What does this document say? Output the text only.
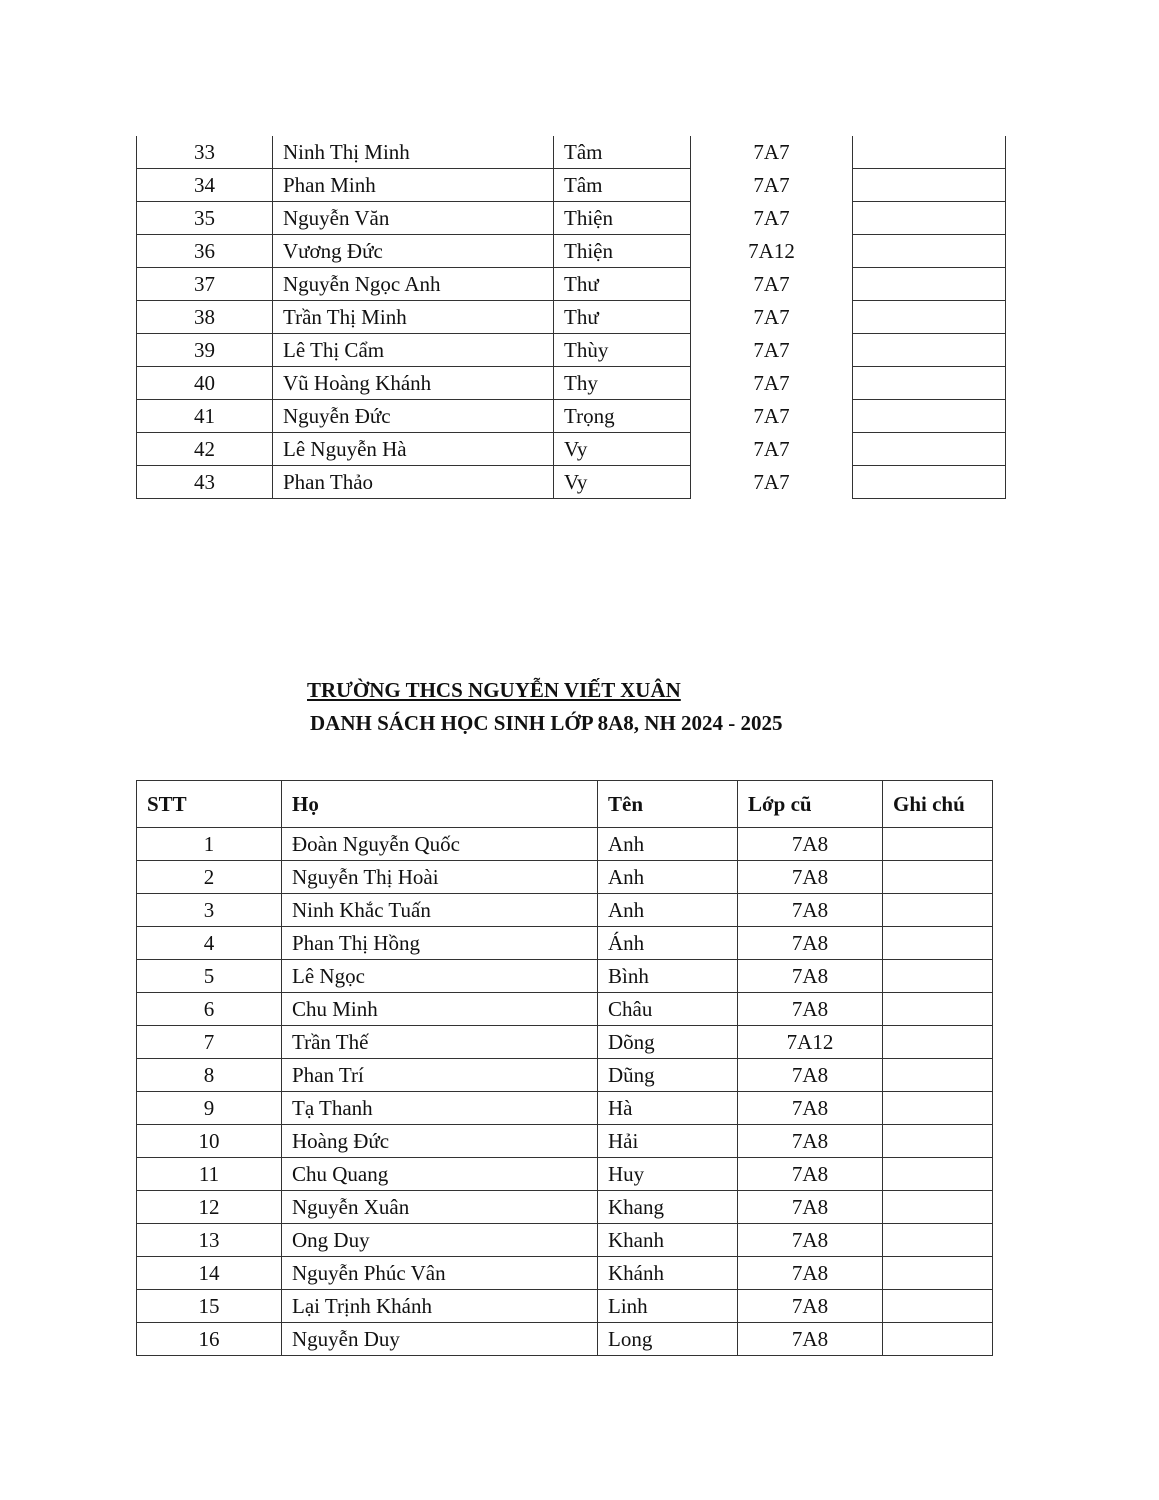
33	Ninh Thị Minh	Tâm	7A7	
34	Phan Minh	Tâm	7A7	
35	Nguyễn Văn	Thiện	7A7	
36	Vương Đức	Thiện	7A12	
37	Nguyễn Ngọc Anh	Thư	7A7	
38	Trần Thị Minh	Thư	7A7	
39	Lê Thị Cẩm	Thùy	7A7	
40	Vũ Hoàng Khánh	Thy	7A7	
41	Nguyễn Đức	Trọng	7A7	
42	Lê Nguyễn Hà	Vy	7A7	
43	Phan Thảo	Vy	7A7	
TRƯỜNG THCS NGUYỄN VIẾT XUÂN
DANH SÁCH HỌC SINH LỚP 8A8, NH 2024 - 2025
STT	Họ	Tên	Lớp cũ	Ghi chú
1	Đoàn Nguyễn Quốc	Anh	7A8	
2	Nguyễn Thị Hoài	Anh	7A8	
3	Ninh Khắc Tuấn	Anh	7A8	
4	Phan Thị Hồng	Ánh	7A8	
5	Lê Ngọc	Bình	7A8	
6	Chu Minh	Châu	7A8	
7	Trần Thế	Dõng	7A12	
8	Phan Trí	Dũng	7A8	
9	Tạ Thanh	Hà	7A8	
10	Hoàng Đức	Hải	7A8	
11	Chu Quang	Huy	7A8	
12	Nguyễn Xuân	Khang	7A8	
13	Ong Duy	Khanh	7A8	
14	Nguyễn Phúc Vân	Khánh	7A8	
15	Lại Trịnh Khánh	Linh	7A8	
16	Nguyễn Duy	Long	7A8	
